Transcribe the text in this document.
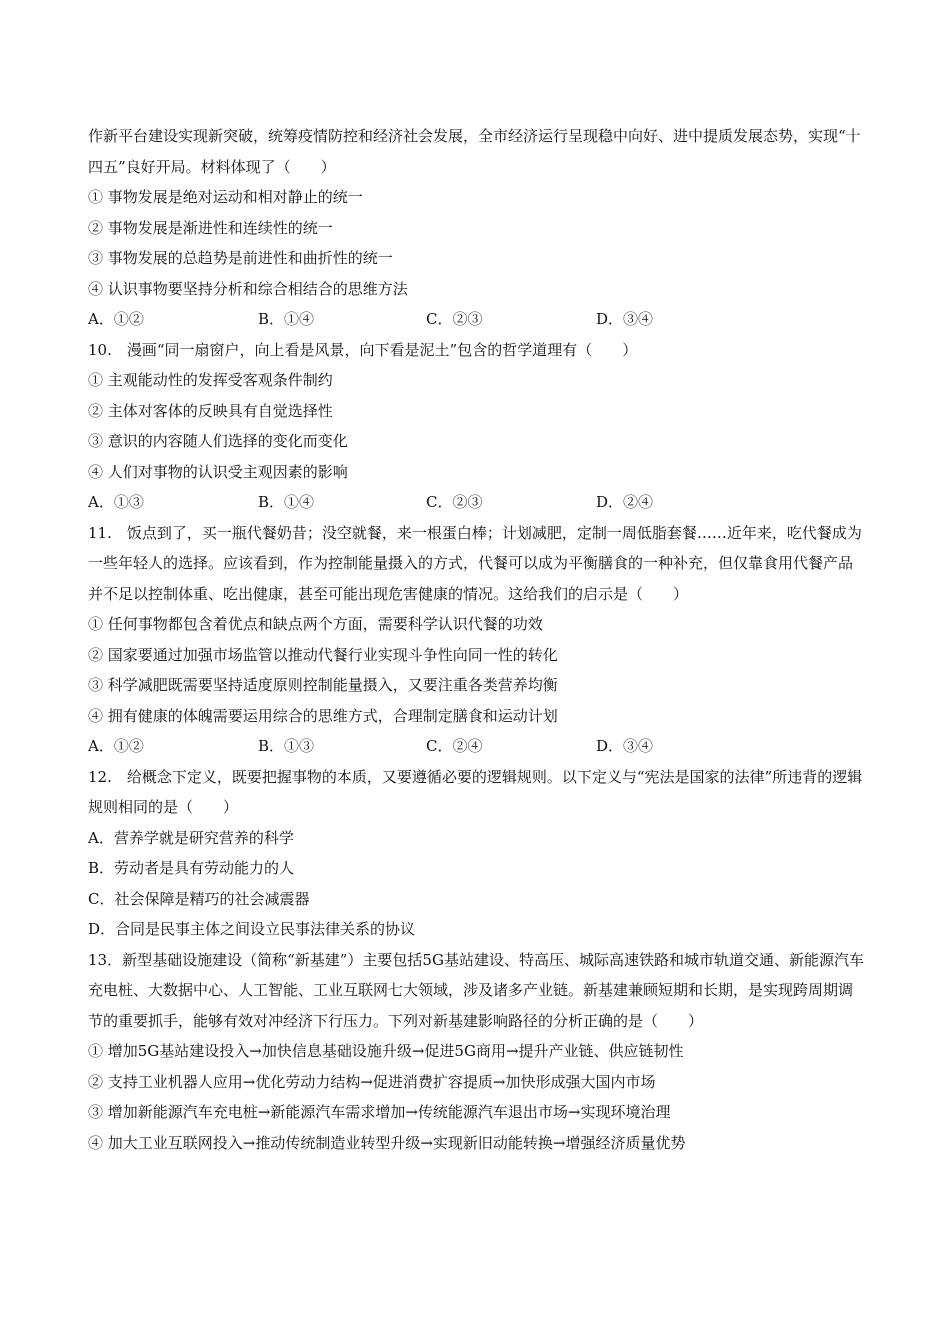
作新平台建设实现新突破，统筹疫情防控和经济社会发展，全市经济运行呈现稳中向好、进中提质发展态势，实现“十四五”良好开局。材料体现了（　　）

① 事物发展是绝对运动和相对静止的统一

② 事物发展是渐进性和连续性的统一

③ 事物发展的总趋势是前进性和曲折性的统一

④ 认识事物要坚持分析和综合相结合的思维方法

A．①②	B．①④	C．②③	D．③④

10.　漫画“同一扇窗户，向上看是风景，向下看是泥土”包含的哲学道理有（　　）

① 主观能动性的发挥受客观条件制约

② 主体对客体的反映具有自觉选择性

③ 意识的内容随人们选择的变化而变化

④ 人们对事物的认识受主观因素的影响

A．①③	B．①④	C．②③	D．②④

11.　饭点到了，买一瓶代餐奶昔；没空就餐，来一根蛋白棒；计划减肥，定制一周低脂套餐……近年来，吃代餐成为一些年轻人的选择。应该看到，作为控制能量摄入的方式，代餐可以成为平衡膳食的一种补充，但仅靠食用代餐产品并不足以控制体重、吃出健康，甚至可能出现危害健康的情况。这给我们的启示是（　　）

① 任何事物都包含着优点和缺点两个方面，需要科学认识代餐的功效

② 国家要通过加强市场监管以推动代餐行业实现斗争性向同一性的转化

③ 科学减肥既需要坚持适度原则控制能量摄入，又要注重各类营养均衡

④ 拥有健康的体魄需要运用综合的思维方式，合理制定膳食和运动计划

A．①②	B．①③	C．②④	D．③④

12.　给概念下定义，既要把握事物的本质，又要遵循必要的逻辑规则。以下定义与“宪法是国家的法律”所违背的逻辑规则相同的是（　　）

A．营养学就是研究营养的科学

B．劳动者是具有劳动能力的人

C．社会保障是精巧的社会减震器

D．合同是民事主体之间设立民事法律关系的协议

13．新型基础设施建设（简称“新基建”）主要包括5G基站建设、特高压、城际高速铁路和城市轨道交通、新能源汽车充电桩、大数据中心、人工智能、工业互联网七大领域，涉及诸多产业链。新基建兼顾短期和长期，是实现跨周期调节的重要抓手，能够有效对冲经济下行压力。下列对新基建影响路径的分析正确的是（　　）

① 增加5G基站建设投入→加快信息基础设施升级→促进5G商用→提升产业链、供应链韧性

② 支持工业机器人应用→优化劳动力结构→促进消费扩容提质→加快形成强大国内市场

③ 增加新能源汽车充电桩→新能源汽车需求增加→传统能源汽车退出市场→实现环境治理

④ 加大工业互联网投入→推动传统制造业转型升级→实现新旧动能转换→增强经济质量优势
